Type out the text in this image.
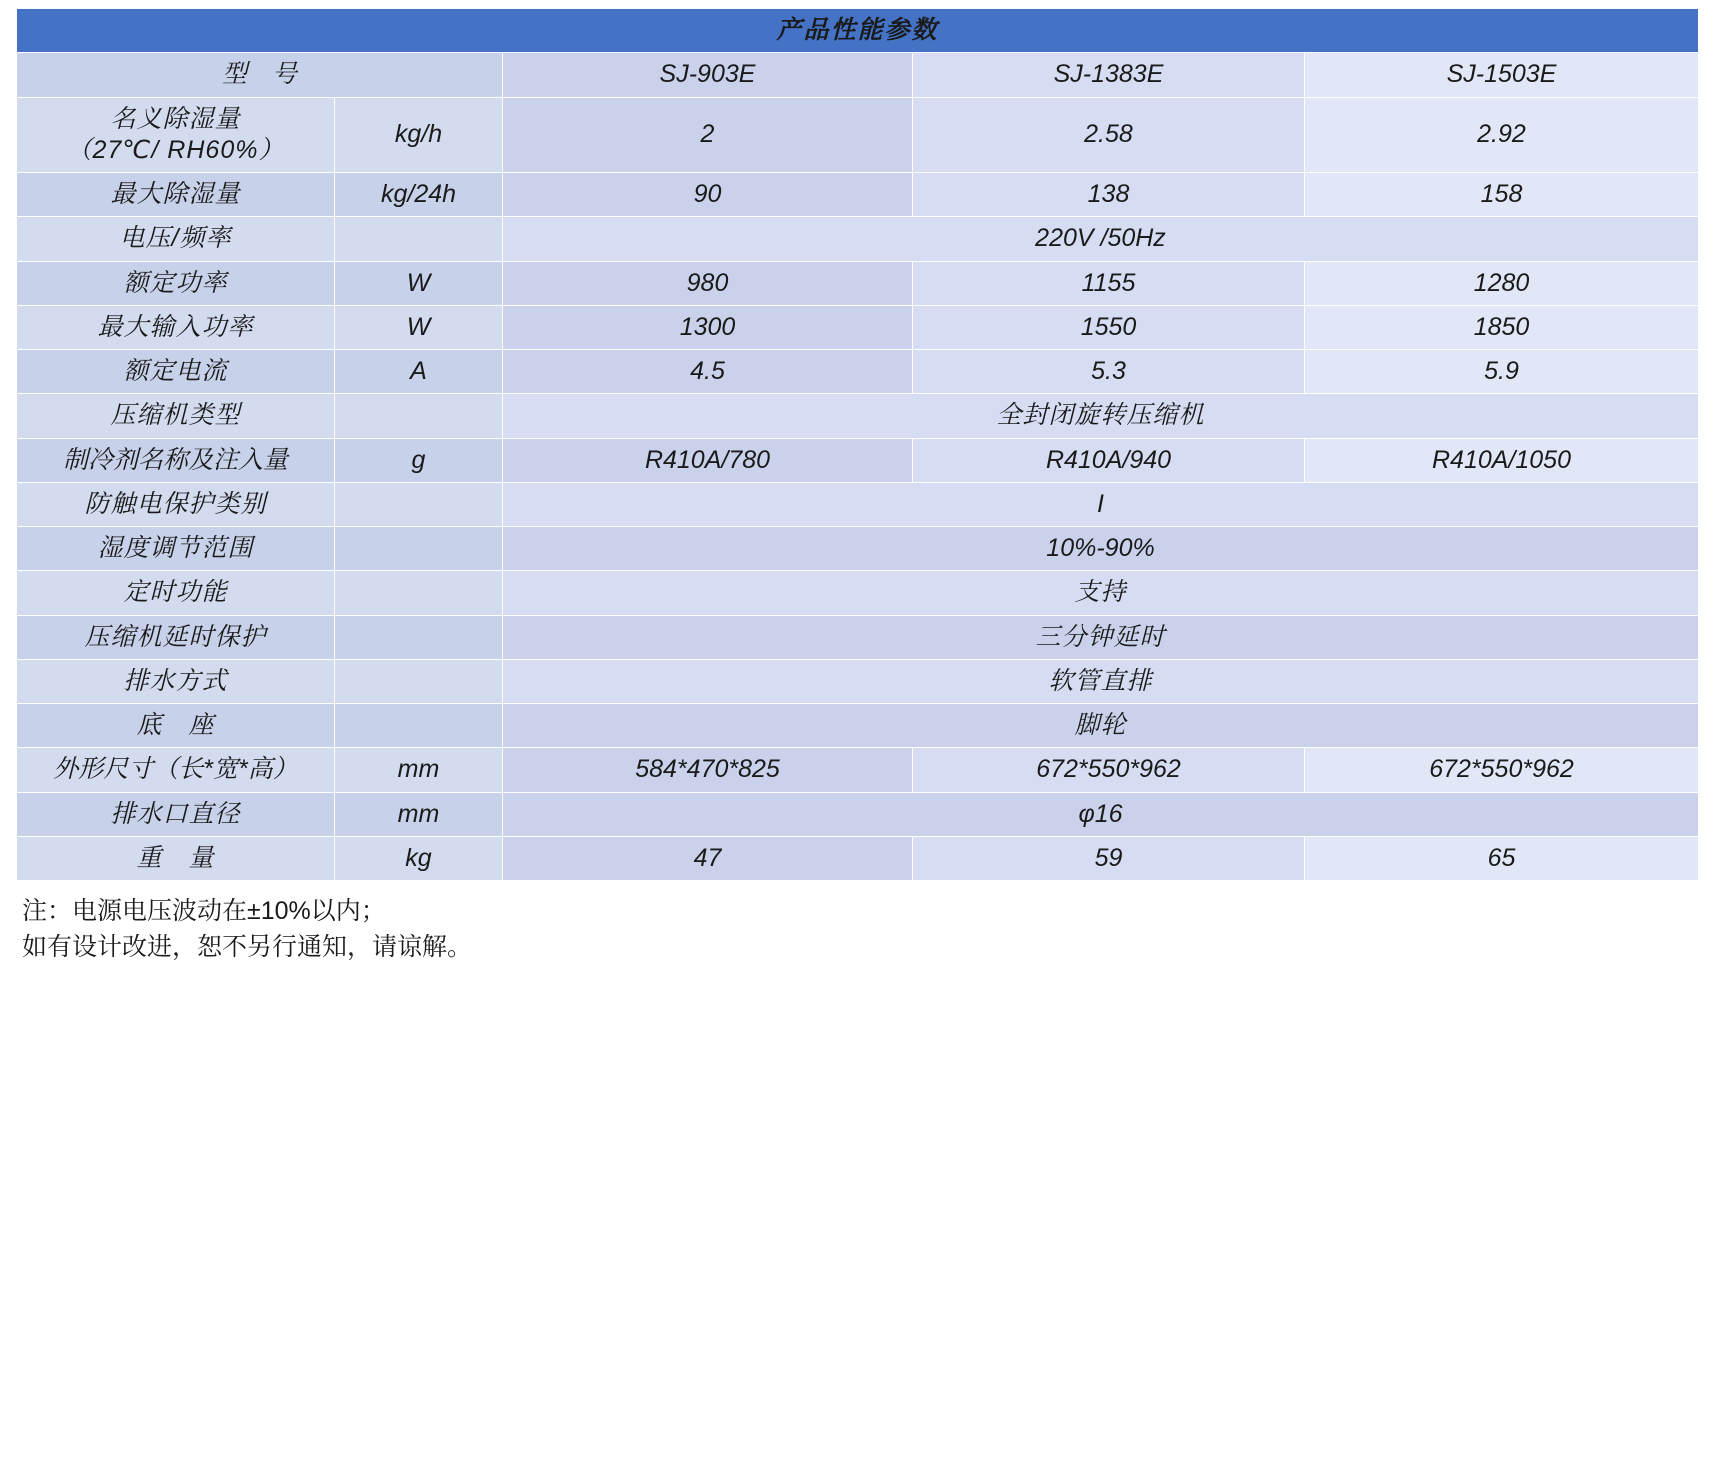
产品性能参数				
型　号		SJ-903E	SJ-1383E	SJ-1503E

名义除湿量
（27℃/ RH60%）	kg/h	2	2.58	2.92
最大除湿量	kg/24h	90	138	158
电压/频率		220V /50Hz		
额定功率	W	980	1155	1280
最大输入功率	W	1300	1550	1850
额定电流	A	4.5	5.3	5.9
压缩机类型		全封闭旋转压缩机		
制冷剂名称及注入量	g	R410A/780	R410A/940	R410A/1050
防触电保护类别		I		
湿度调节范围		10%-90%		
定时功能		支持		
压缩机延时保护		三分钟延时		
排水方式		软管直排		
底　座		脚轮		
外形尺寸（长*宽*高）	mm	584*470*825	672*550*962	672*550*962
排水口直径	mm	φ16		
重　量	kg	47	59	65
注：电源电压波动在±10%以内；
如有设计改进，恕不另行通知，请谅解。
